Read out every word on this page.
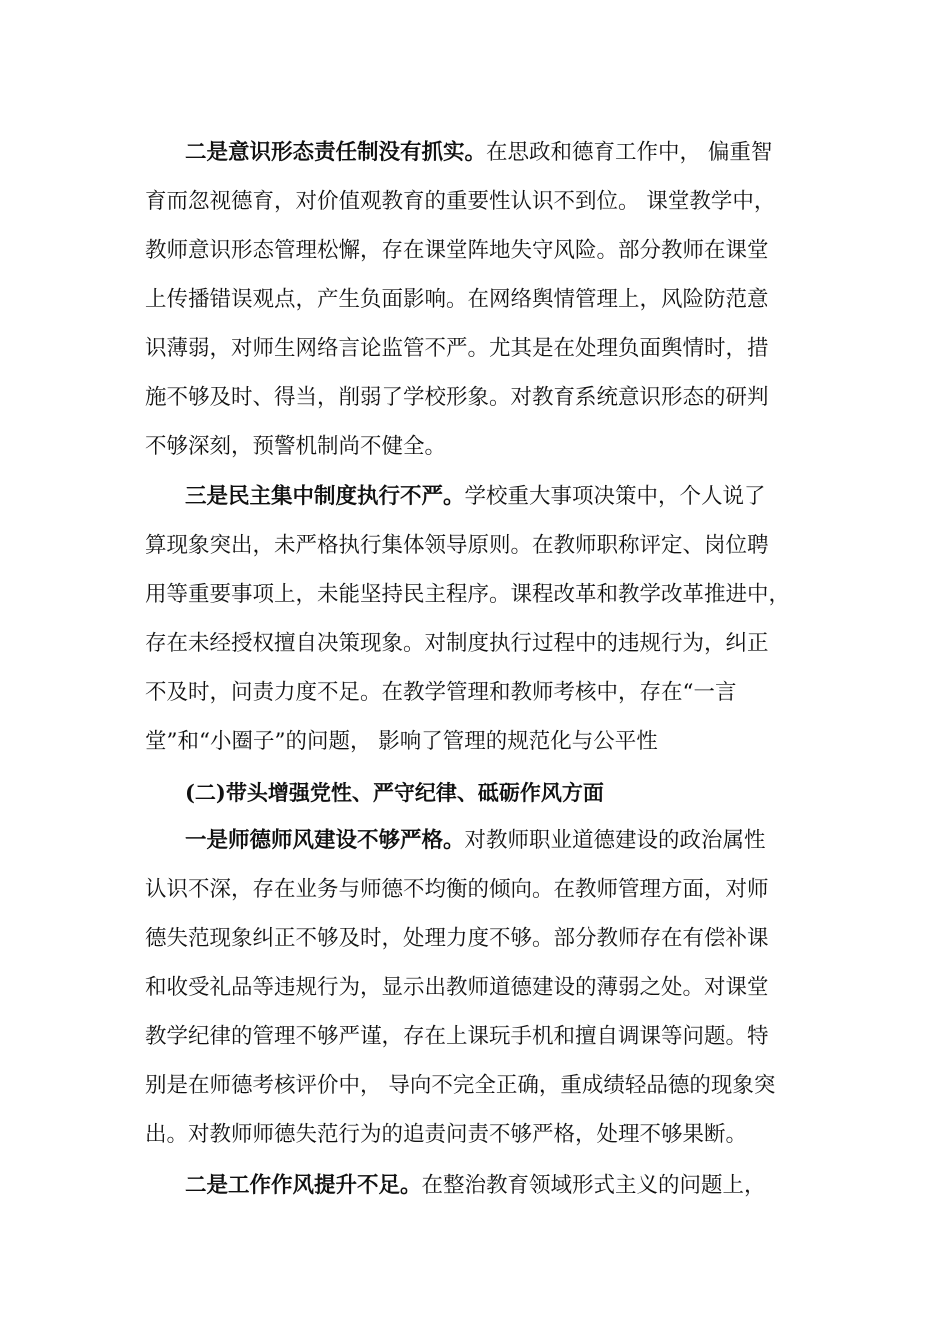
二是意识形态责任制没有抓实。在思政和德育工作中， 偏重智
育而忽视德育，对价值观教育的重要性认识不到位。 课堂教学中，
教师意识形态管理松懈，存在课堂阵地失守风险。部分教师在课堂
上传播错误观点，产生负面影响。在网络舆情管理上，风险防范意
识薄弱，对师生网络言论监管不严。尤其是在处理负面舆情时，措
施不够及时、得当，削弱了学校形象。对教育系统意识形态的研判
不够深刻，预警机制尚不健全。
三是民主集中制度执行不严。学校重大事项决策中，个人说了
算现象突出，未严格执行集体领导原则。在教师职称评定、岗位聘
用等重要事项上，未能坚持民主程序。课程改革和教学改革推进中，
存在未经授权擅自决策现象。对制度执行过程中的违规行为，纠正
不及时，问责力度不足。在教学管理和教师考核中，存在“一言
堂”和“小圈子”的问题， 影响了管理的规范化与公平性
(二)带头增强党性、严守纪律、砥砺作风方面
一是师德师风建设不够严格。对教师职业道德建设的政治属性
认识不深，存在业务与师德不均衡的倾向。在教师管理方面，对师
德失范现象纠正不够及时，处理力度不够。部分教师存在有偿补课
和收受礼品等违规行为，显示出教师道德建设的薄弱之处。对课堂
教学纪律的管理不够严谨，存在上课玩手机和擅自调课等问题。特
别是在师德考核评价中， 导向不完全正确，重成绩轻品德的现象突
出。对教师师德失范行为的追责问责不够严格，处理不够果断。
二是工作作风提升不足。在整治教育领域形式主义的问题上，
